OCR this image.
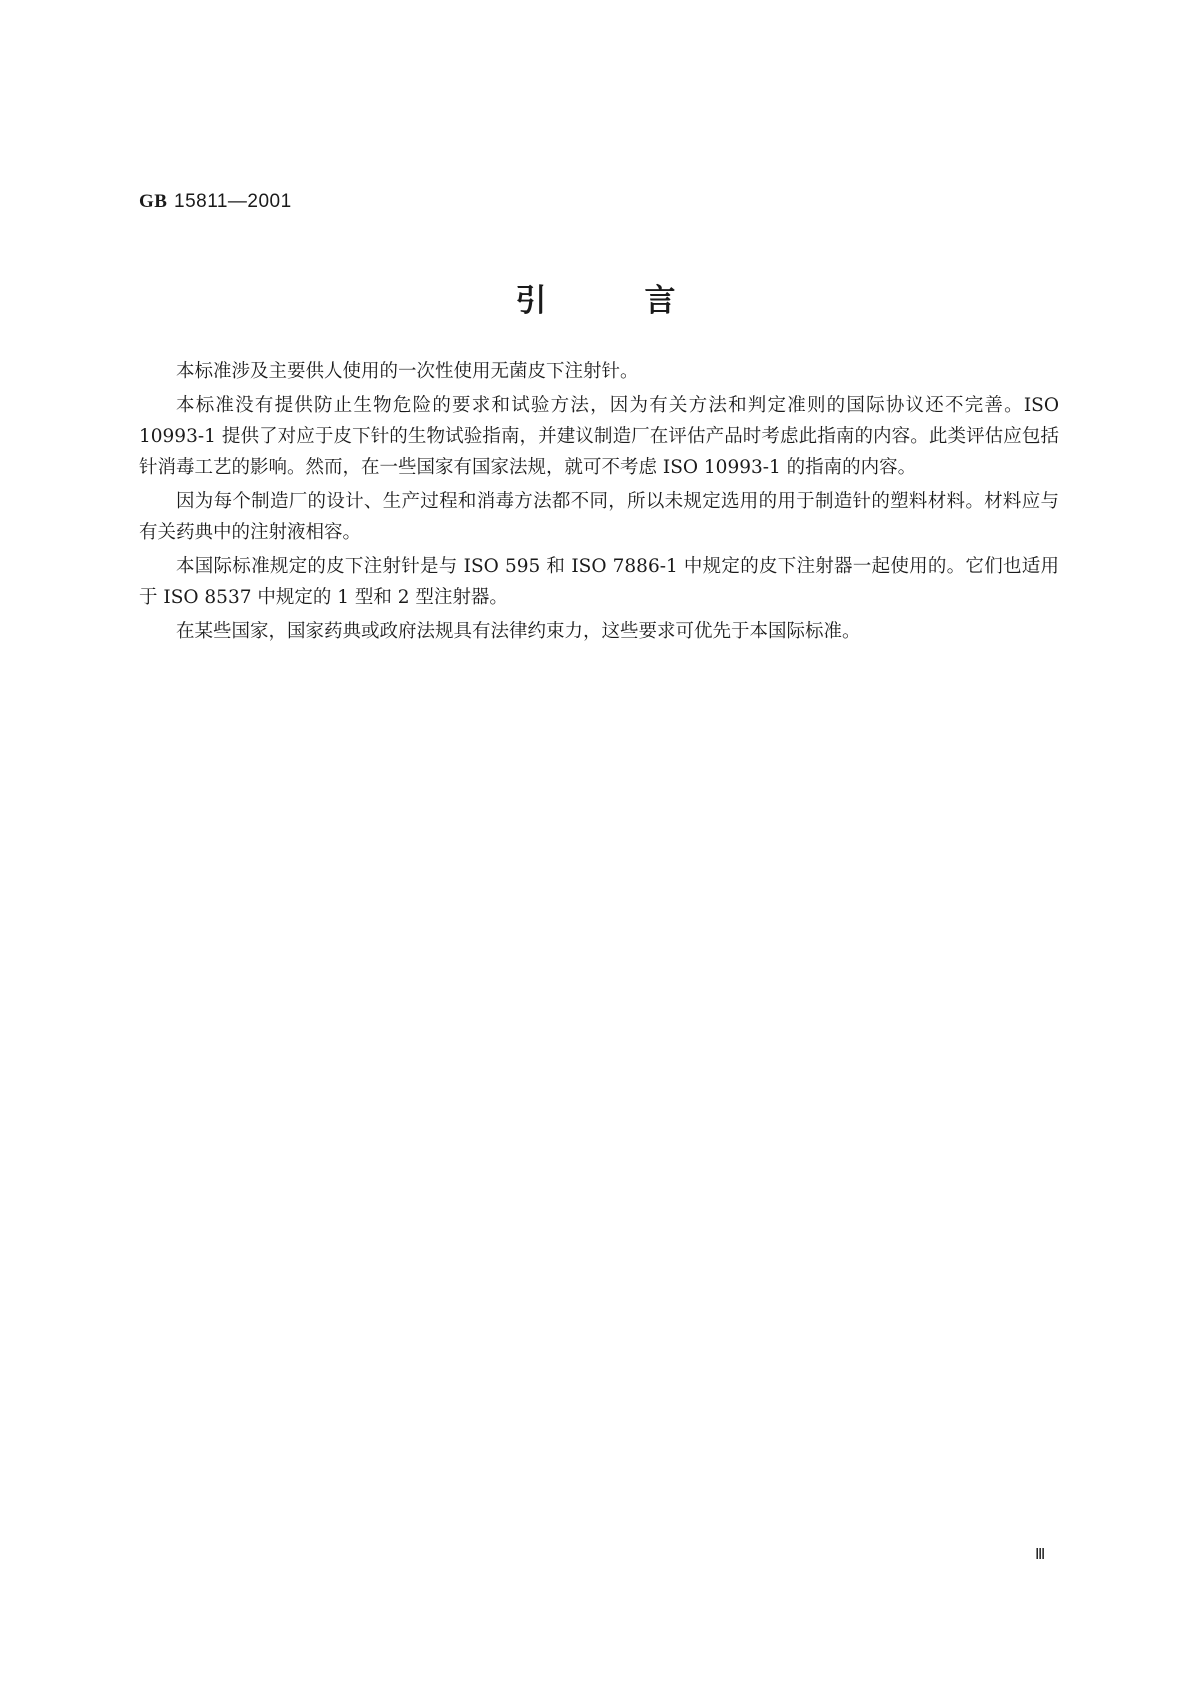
GB 15811—2001
引言

本标准涉及主要供人使用的一次性使用无菌皮下注射针。

本标准没有提供防止生物危险的要求和试验方法，因为有关方法和判定准则的国际协议还不完善。ISO 10993-1 提供了对应于皮下针的生物试验指南，并建议制造厂在评估产品时考虑此指南的内容。此类评估应包括针消毒工艺的影响。然而，在一些国家有国家法规，就可不考虑 ISO 10993-1 的指南的内容。

因为每个制造厂的设计、生产过程和消毒方法都不同，所以未规定选用的用于制造针的塑料材料。材料应与有关药典中的注射液相容。

本国际标准规定的皮下注射针是与 ISO 595 和 ISO 7886-1 中规定的皮下注射器一起使用的。它们也适用于 ISO 8537 中规定的 1 型和 2 型注射器。

在某些国家，国家药典或政府法规具有法律约束力，这些要求可优先于本国际标准。

Ⅲ
